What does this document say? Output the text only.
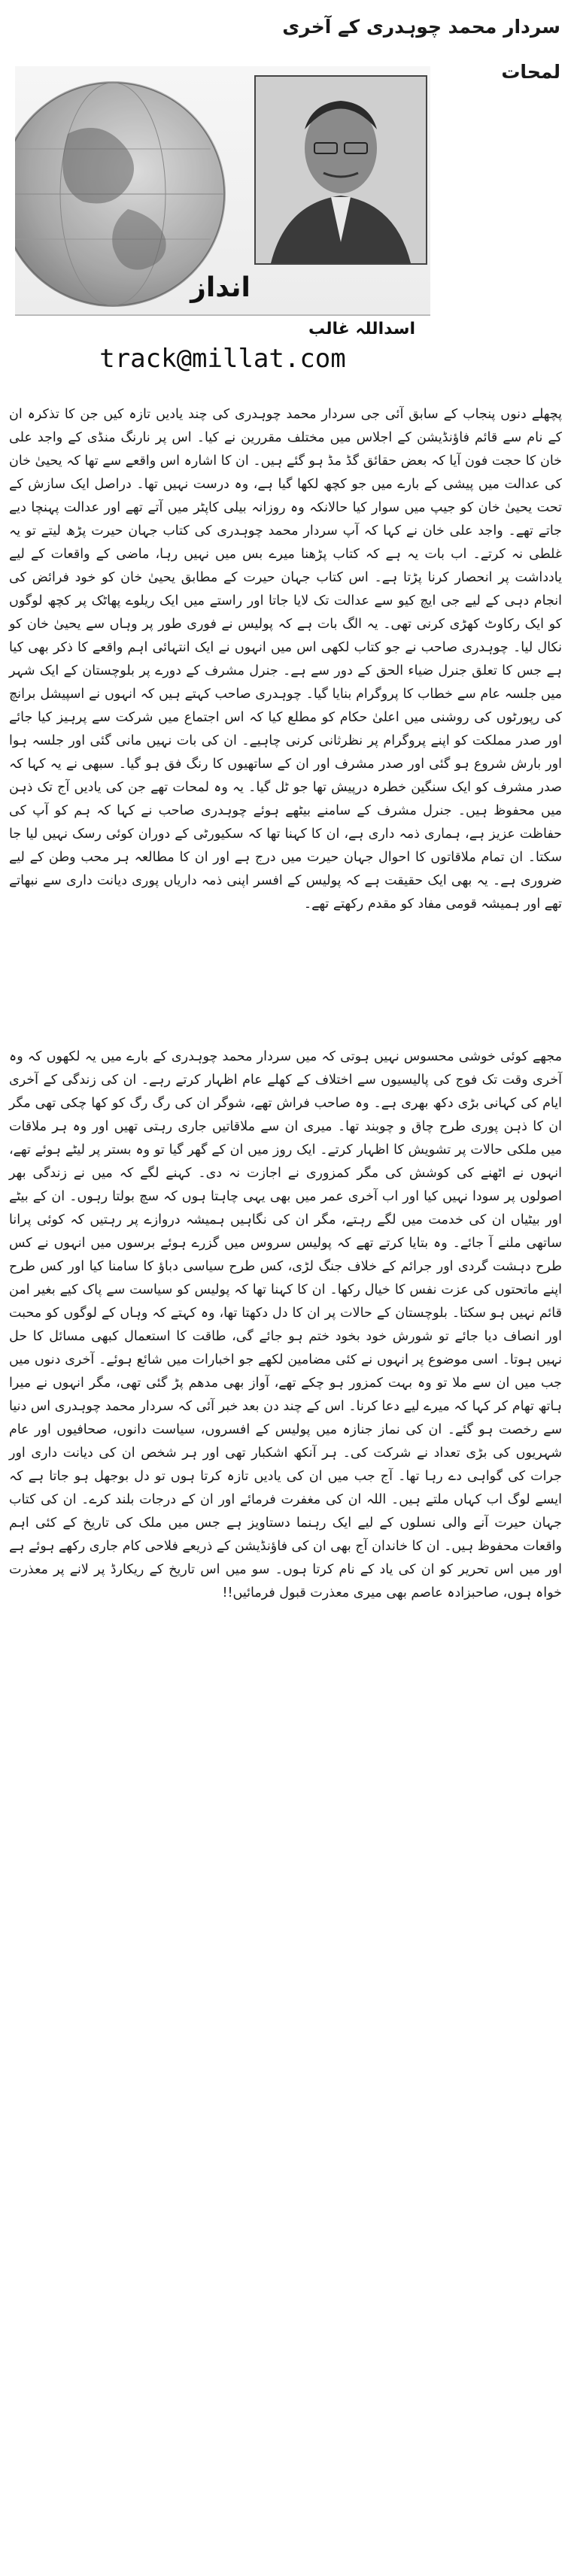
سردار محمد چوہدری کے آخری لمحات
انداز
اسداللہ غالب
track@millat.com
پچھلے دنوں پنجاب کے سابق آئی جی سردار محمد چوہدری کی چند یادیں تازہ کیں جن کا تذکرہ ان کے نام سے قائم فاؤنڈیشن کے اجلاس میں مختلف مقررین نے کیا۔ اس پر نارنگ منڈی کے واجد علی خان کا حجت فون آیا کہ بعض حقائق گڈ مڈ ہو گئے ہیں۔ ان کا اشارہ اس واقعے سے تھا کہ یحییٰ خان کی عدالت میں پیشی کے بارے میں جو کچھ لکھا گیا ہے، وہ درست نہیں تھا۔ دراصل ایک سازش کے تحت یحییٰ خان کو جیپ میں سوار کیا حالانکہ وہ روزانہ بیلی کاپٹر میں آتے تھے اور عدالت پہنچا دیے جاتے تھے۔ واجد علی خان نے کہا کہ آپ سردار محمد چوہدری کی کتاب جہان حیرت پڑھ لیتے تو یہ غلطی نہ کرتے۔ اب بات یہ ہے کہ کتاب پڑھنا میرے بس میں نہیں رہا، ماضی کے واقعات کے لیے یادداشت پر انحصار کرنا پڑتا ہے۔ اس کتاب جہان حیرت کے مطابق یحییٰ خان کو خود فرائض کی انجام دہی کے لیے جی ایچ کیو سے عدالت تک لایا جاتا اور راستے میں ایک ریلوے پھاٹک پر کچھ لوگوں کو ایک رکاوٹ کھڑی کرنی تھی۔ یہ الگ بات ہے کہ پولیس نے فوری طور پر وہاں سے یحییٰ خان کو نکال لیا۔ چوہدری صاحب نے جو کتاب لکھی اس میں انہوں نے ایک انتہائی اہم واقعے کا ذکر بھی کیا ہے جس کا تعلق جنرل ضیاء الحق کے دور سے ہے۔ جنرل مشرف کے دورے پر بلوچستان کے ایک شہر میں جلسہ عام سے خطاب کا پروگرام بنایا گیا۔ چوہدری صاحب کہتے ہیں کہ انہوں نے اسپیشل برانچ کی رپورٹوں کی روشنی میں اعلیٰ حکام کو مطلع کیا کہ اس اجتماع میں شرکت سے پرہیز کیا جائے اور صدر مملکت کو اپنے پروگرام پر نظرثانی کرنی چاہیے۔ ان کی بات نہیں مانی گئی اور جلسہ ہوا اور بارش شروع ہو گئی اور صدر مشرف اور ان کے ساتھیوں کا رنگ فق ہو گیا۔ سبھی نے یہ کہا کہ صدر مشرف کو ایک سنگین خطرہ درپیش تھا جو ٹل گیا۔ یہ وہ لمحات تھے جن کی یادیں آج تک ذہن میں محفوظ ہیں۔ جنرل مشرف کے سامنے بیٹھے ہوئے چوہدری صاحب نے کہا کہ ہم کو آپ کی حفاظت عزیز ہے، ہماری ذمہ داری ہے، ان کا کہنا تھا کہ سکیورٹی کے دوران کوئی رسک نہیں لیا جا سکتا۔ ان تمام ملاقاتوں کا احوال جہان حیرت میں درج ہے اور ان کا مطالعہ ہر محب وطن کے لیے ضروری ہے۔ یہ بھی ایک حقیقت ہے کہ پولیس کے افسر اپنی ذمہ داریاں پوری دیانت داری سے نبھاتے تھے اور ہمیشہ قومی مفاد کو مقدم رکھتے تھے۔
مجھے کوئی خوشی محسوس نہیں ہوتی کہ میں سردار محمد چوہدری کے بارے میں یہ لکھوں کہ وہ آخری وقت تک فوج کی پالیسیوں سے اختلاف کے کھلے عام اظہار کرتے رہے۔ ان کی زندگی کے آخری ایام کی کہانی بڑی دکھ بھری ہے۔ وہ صاحب فراش تھے، شوگر ان کی رگ رگ کو کھا چکی تھی مگر ان کا ذہن پوری طرح چاق و چوبند تھا۔ میری ان سے ملاقاتیں جاری رہتی تھیں اور وہ ہر ملاقات میں ملکی حالات پر تشویش کا اظہار کرتے۔ ایک روز میں ان کے گھر گیا تو وہ بستر پر لیٹے ہوئے تھے، انہوں نے اٹھنے کی کوشش کی مگر کمزوری نے اجازت نہ دی۔ کہنے لگے کہ میں نے زندگی بھر اصولوں پر سودا نہیں کیا اور اب آخری عمر میں بھی یہی چاہتا ہوں کہ سچ بولتا رہوں۔ ان کے بیٹے اور بیٹیاں ان کی خدمت میں لگے رہتے، مگر ان کی نگاہیں ہمیشہ دروازے پر رہتیں کہ کوئی پرانا ساتھی ملنے آ جائے۔ وہ بتایا کرتے تھے کہ پولیس سروس میں گزرے ہوئے برسوں میں انہوں نے کس طرح دہشت گردی اور جرائم کے خلاف جنگ لڑی، کس طرح سیاسی دباؤ کا سامنا کیا اور کس طرح اپنے ماتحتوں کی عزت نفس کا خیال رکھا۔ ان کا کہنا تھا کہ پولیس کو سیاست سے پاک کیے بغیر امن قائم نہیں ہو سکتا۔ بلوچستان کے حالات پر ان کا دل دکھتا تھا، وہ کہتے کہ وہاں کے لوگوں کو محبت اور انصاف دیا جائے تو شورش خود بخود ختم ہو جائے گی، طاقت کا استعمال کبھی مسائل کا حل نہیں ہوتا۔ اسی موضوع پر انہوں نے کئی مضامین لکھے جو اخبارات میں شائع ہوئے۔ آخری دنوں میں جب میں ان سے ملا تو وہ بہت کمزور ہو چکے تھے، آواز بھی مدھم پڑ گئی تھی، مگر انہوں نے میرا ہاتھ تھام کر کہا کہ میرے لیے دعا کرنا۔ اس کے چند دن بعد خبر آئی کہ سردار محمد چوہدری اس دنیا سے رخصت ہو گئے۔ ان کی نماز جنازہ میں پولیس کے افسروں، سیاست دانوں، صحافیوں اور عام شہریوں کی بڑی تعداد نے شرکت کی۔ ہر آنکھ اشکبار تھی اور ہر شخص ان کی دیانت داری اور جرات کی گواہی دے رہا تھا۔ آج جب میں ان کی یادیں تازہ کرتا ہوں تو دل بوجھل ہو جاتا ہے کہ ایسے لوگ اب کہاں ملتے ہیں۔ اللہ ان کی مغفرت فرمائے اور ان کے درجات بلند کرے۔ ان کی کتاب جہان حیرت آنے والی نسلوں کے لیے ایک رہنما دستاویز ہے جس میں ملک کی تاریخ کے کئی اہم واقعات محفوظ ہیں۔ ان کا خاندان آج بھی ان کی فاؤنڈیشن کے ذریعے فلاحی کام جاری رکھے ہوئے ہے اور میں اس تحریر کو ان کی یاد کے نام کرتا ہوں۔ سو میں اس تاریخ کے ریکارڈ پر لانے پر معذرت خواہ ہوں، صاحبزادہ عاصم بھی میری معذرت قبول فرمائیں!!
